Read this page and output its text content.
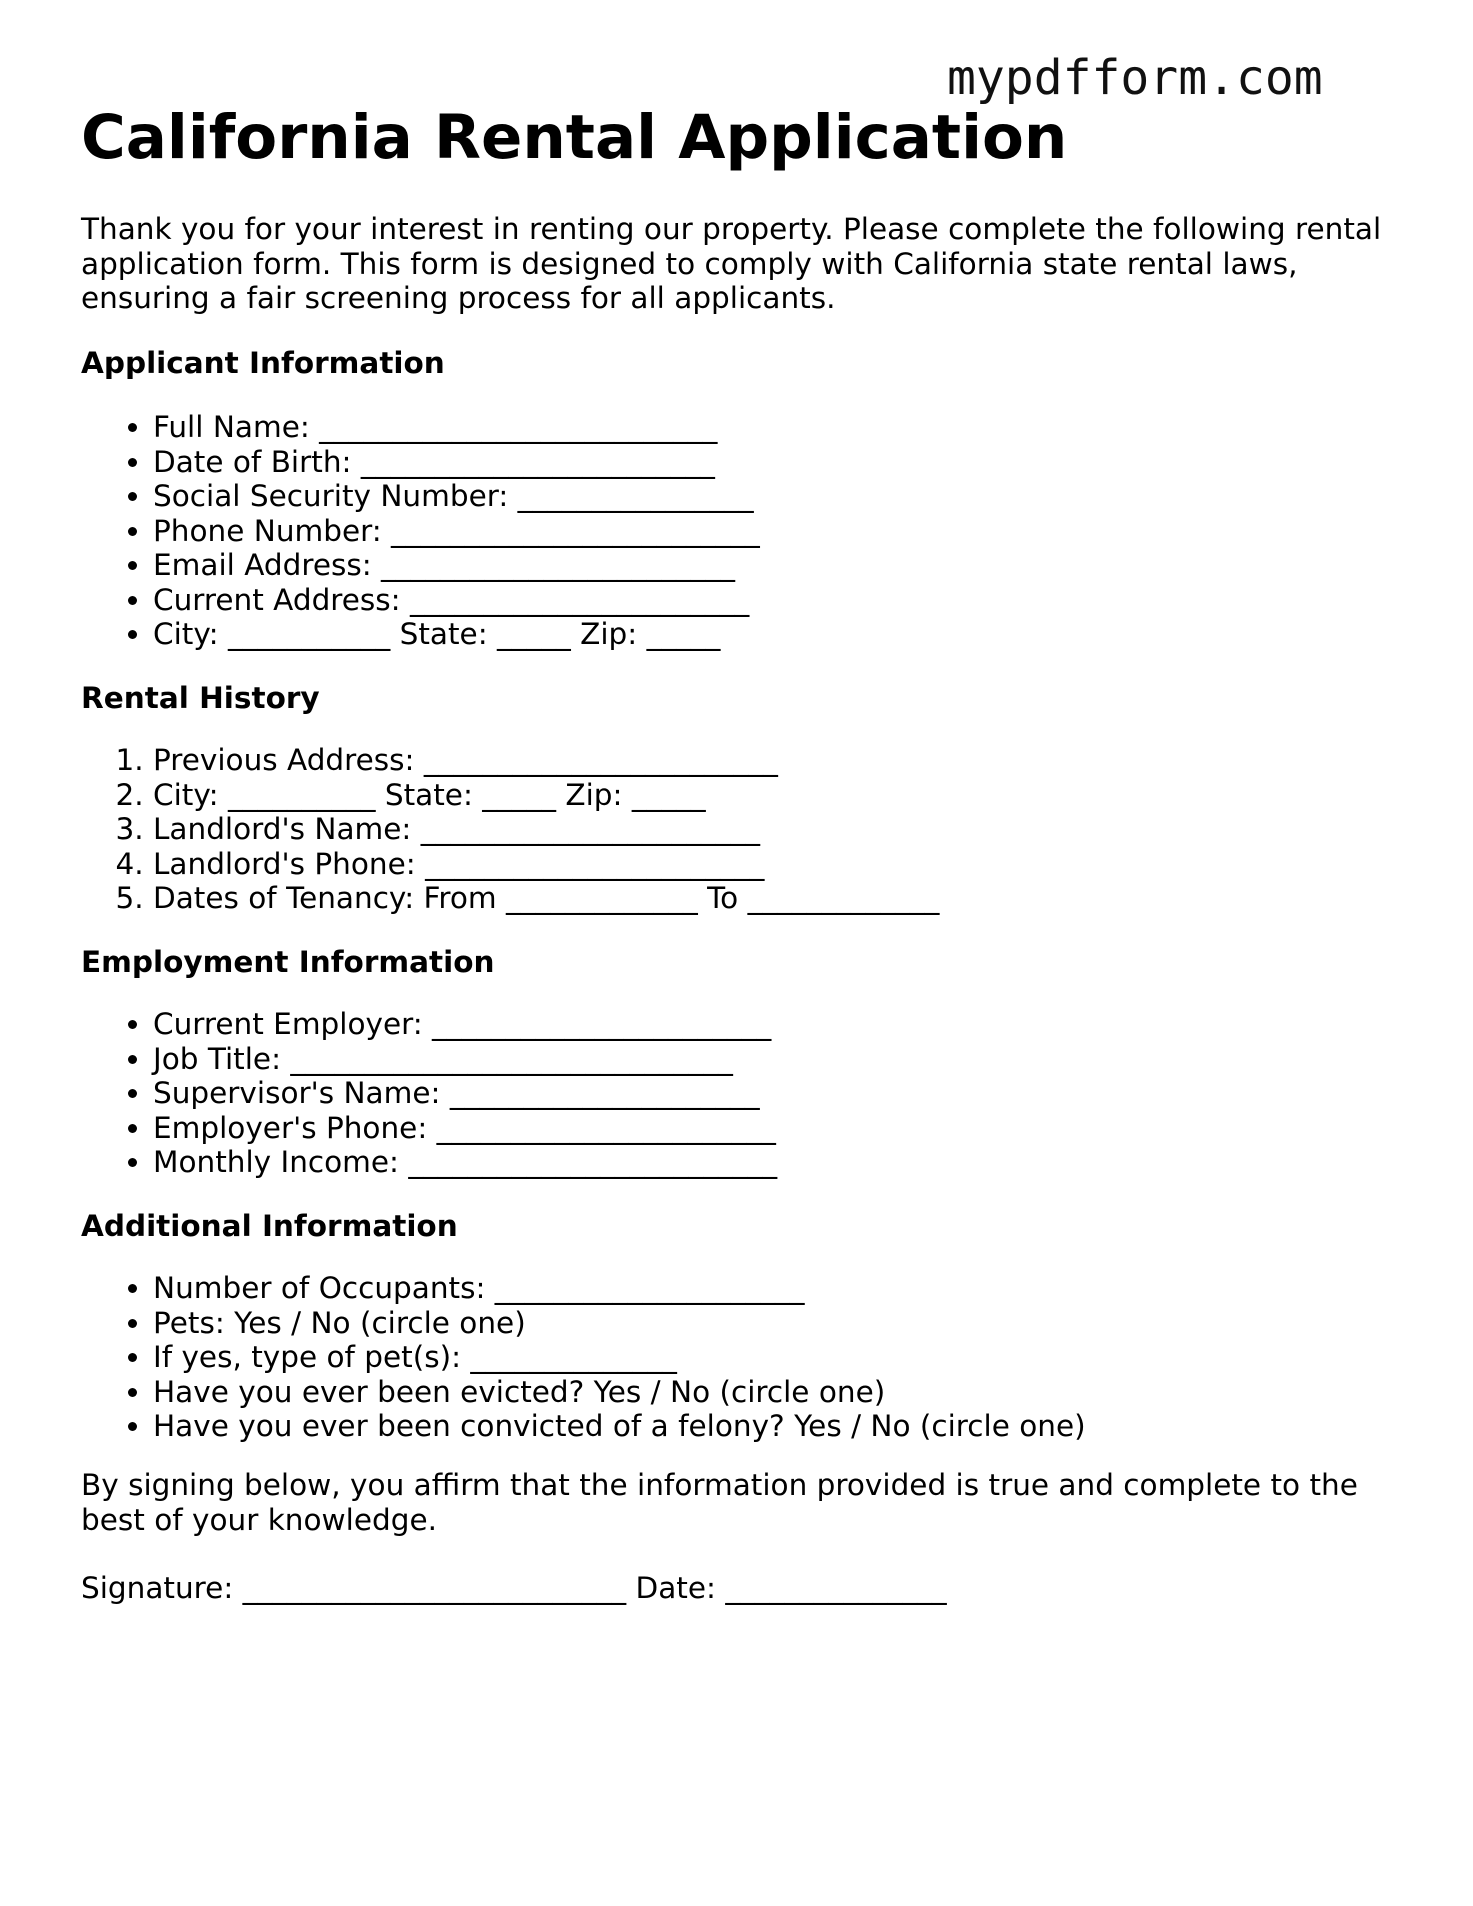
mypdfform.com
California Rental Application

Thank you for your interest in renting our property. Please complete the following rental application form. This form is designed to comply with California state rental laws, ensuring a fair screening process for all applicants.

Applicant Information
• Full Name: ___________________________
• Date of Birth: ________________________
• Social Security Number: ________________
• Phone Number: _________________________
• Email Address: ________________________
• Current Address: _______________________
• City: ___________ State: _____ Zip: _____
Rental History
1. Previous Address: ________________________
2. City: __________ State: _____ Zip: _____
3. Landlord's Name: _______________________
4. Landlord's Phone: _______________________
5. Dates of Tenancy: From _____________ To _____________
Employment Information
• Current Employer: _______________________
• Job Title: ______________________________
• Supervisor's Name: _____________________
• Employer's Phone: _______________________
• Monthly Income: _________________________
Additional Information
• Number of Occupants: _____________________
• Pets: Yes / No (circle one)
• If yes, type of pet(s): ______________
• Have you ever been evicted? Yes / No (circle one)
• Have you ever been convicted of a felony? Yes / No (circle one)

By signing below, you affirm that the information provided is true and complete to the best of your knowledge.

Signature: __________________________ Date: _______________
